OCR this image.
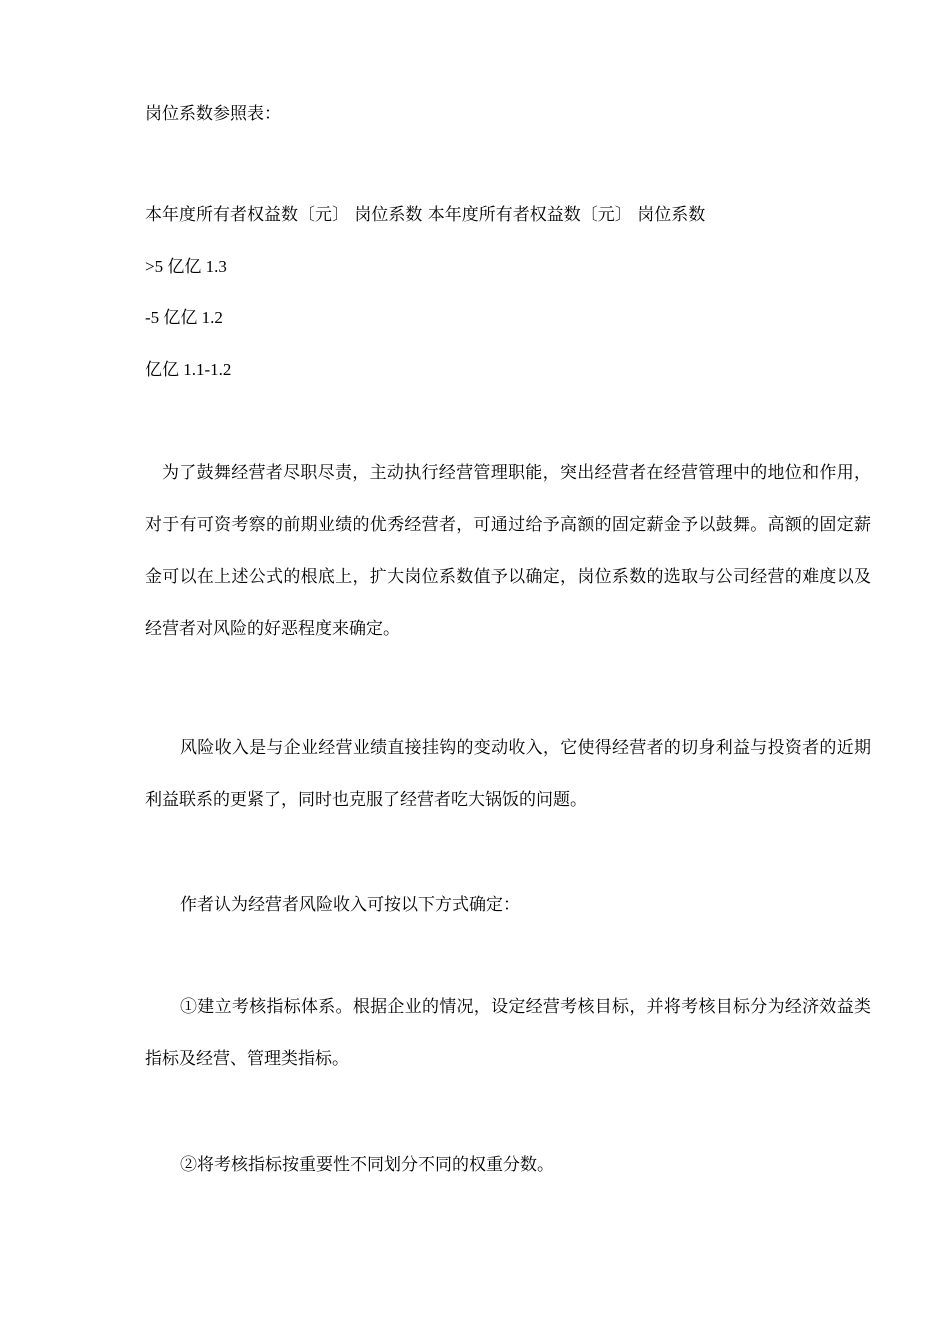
岗位系数参照表：
本年度所有者权益数〔元〕 岗位系数 本年度所有者权益数〔元〕 岗位系数
>5 亿亿 1.3
-5 亿亿 1.2
亿亿 1.1-1.2

为了鼓舞经营者尽职尽责，主动执行经营管理职能，突出经营者在经营管理中的地位和作用，对于有可资考察的前期业绩的优秀经营者，可通过给予高额的固定薪金予以鼓舞。高额的固定薪金可以在上述公式的根底上，扩大岗位系数值予以确定，岗位系数的选取与公司经营的难度以及经营者对风险的好恶程度来确定。

风险收入是与企业经营业绩直接挂钩的变动收入，它使得经营者的切身利益与投资者的近期利益联系的更紧了，同时也克服了经营者吃大锅饭的问题。

作者认为经营者风险收入可按以下方式确定：

①建立考核指标体系。根据企业的情况，设定经营考核目标，并将考核目标分为经济效益类指标及经营、管理类指标。

②将考核指标按重要性不同划分不同的权重分数。
